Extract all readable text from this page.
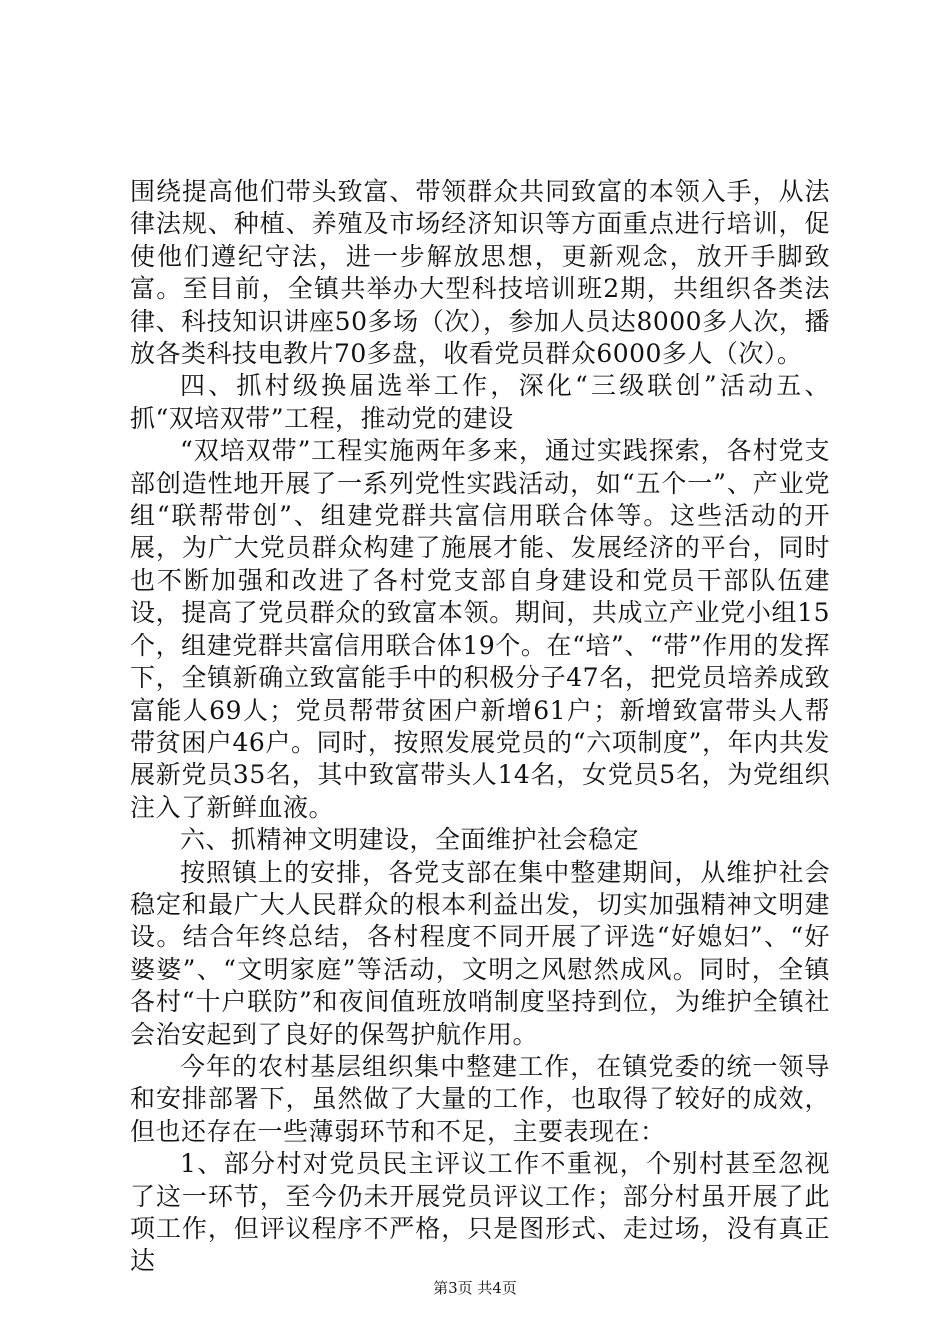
围绕提高他们带头致富、带领群众共同致富的本领入手，从法律法规、种植、养殖及市场经济知识等方面重点进行培训，促使他们遵纪守法，进一步解放思想，更新观念，放开手脚致富。至目前，全镇共举办大型科技培训班2期，共组织各类法律、科技知识讲座50多场（次），参加人员达8000多人次，播放各类科技电教片70多盘，收看党员群众6000多人（次）。

四、抓村级换届选举工作，深化“三级联创”活动五、抓“双培双带”工程，推动党的建设

“双培双带”工程实施两年多来，通过实践探索，各村党支部创造性地开展了一系列党性实践活动，如“五个一”、产业党组“联帮带创”、组建党群共富信用联合体等。这些活动的开展，为广大党员群众构建了施展才能、发展经济的平台，同时也不断加强和改进了各村党支部自身建设和党员干部队伍建设，提高了党员群众的致富本领。期间，共成立产业党小组15个，组建党群共富信用联合体19个。在“培”、“带”作用的发挥下，全镇新确立致富能手中的积极分子47名，把党员培养成致富能人69人；党员帮带贫困户新增61户；新增致富带头人帮带贫困户46户。同时，按照发展党员的“六项制度”，年内共发展新党员35名，其中致富带头人14名，女党员5名，为党组织注入了新鲜血液。

六、抓精神文明建设，全面维护社会稳定

按照镇上的安排，各党支部在集中整建期间，从维护社会稳定和最广大人民群众的根本利益出发，切实加强精神文明建设。结合年终总结，各村程度不同开展了评选“好媳妇”、“好婆婆”、“文明家庭”等活动，文明之风慰然成风。同时，全镇各村“十户联防”和夜间值班放哨制度坚持到位，为维护全镇社会治安起到了良好的保驾护航作用。

今年的农村基层组织集中整建工作，在镇党委的统一领导和安排部署下，虽然做了大量的工作，也取得了较好的成效，但也还存在一些薄弱环节和不足，主要表现在：

1、部分村对党员民主评议工作不重视，个别村甚至忽视了这一环节，至今仍未开展党员评议工作；部分村虽开展了此项工作，但评议程序不严格，只是图形式、走过场，没有真正达

第3页 共4页
